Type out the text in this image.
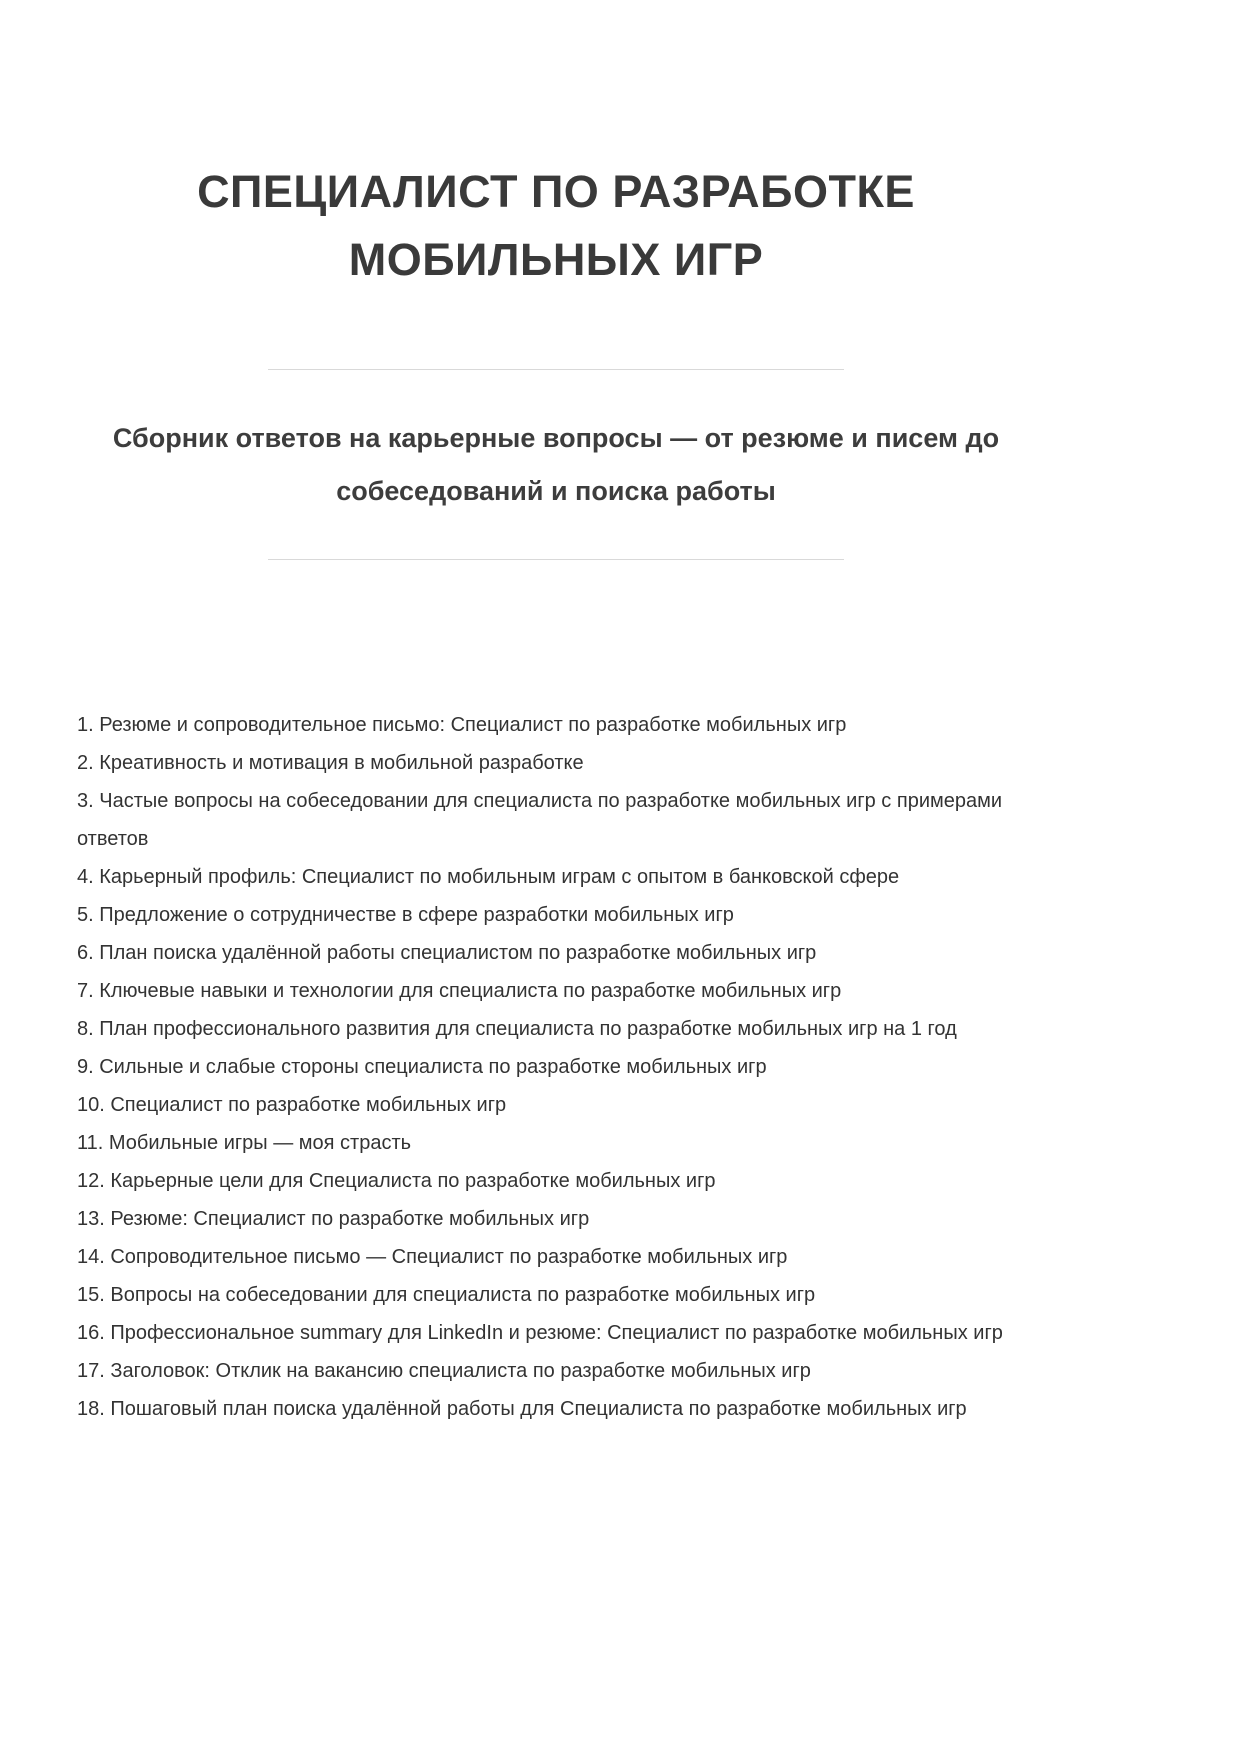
СПЕЦИАЛИСТ ПО РАЗРАБОТКЕ МОБИЛЬНЫХ ИГР
Сборник ответов на карьерные вопросы — от резюме и писем до собеседований и поиска работы
1. Резюме и сопроводительное письмо: Специалист по разработке мобильных игр
2. Креативность и мотивация в мобильной разработке
3. Частые вопросы на собеседовании для специалиста по разработке мобильных игр с примерами ответов
4. Карьерный профиль: Специалист по мобильным играм с опытом в банковской сфере
5. Предложение о сотрудничестве в сфере разработки мобильных игр
6. План поиска удалённой работы специалистом по разработке мобильных игр
7. Ключевые навыки и технологии для специалиста по разработке мобильных игр
8. План профессионального развития для специалиста по разработке мобильных игр на 1 год
9. Сильные и слабые стороны специалиста по разработке мобильных игр
10. Специалист по разработке мобильных игр
11. Мобильные игры — моя страсть
12. Карьерные цели для Специалиста по разработке мобильных игр
13. Резюме: Специалист по разработке мобильных игр
14. Сопроводительное письмо — Специалист по разработке мобильных игр
15. Вопросы на собеседовании для специалиста по разработке мобильных игр
16. Профессиональное summary для LinkedIn и резюме: Специалист по разработке мобильных игр
17. Заголовок: Отклик на вакансию специалиста по разработке мобильных игр
18. Пошаговый план поиска удалённой работы для Специалиста по разработке мобильных игр
